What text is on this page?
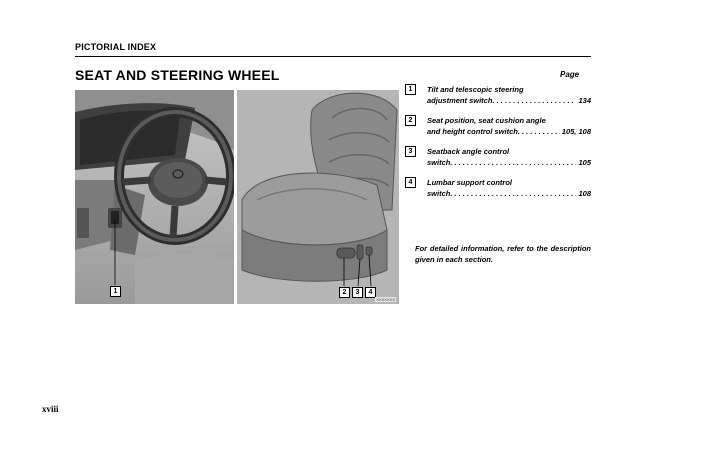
PICTORIAL INDEX
SEAT AND STEERING WHEEL	Page
1	2	3	4
XXXXXXX
1	Tilt and telescopic steering
adjustment switch . . .	134
2	Seat position, seat cushion angle
and height control switch . . .	105, 108
3	Seatback angle control
switch . . .	105
4	Lumbar support control
switch . . .	108
For detailed information, refer to the description given in each section.
xviii
